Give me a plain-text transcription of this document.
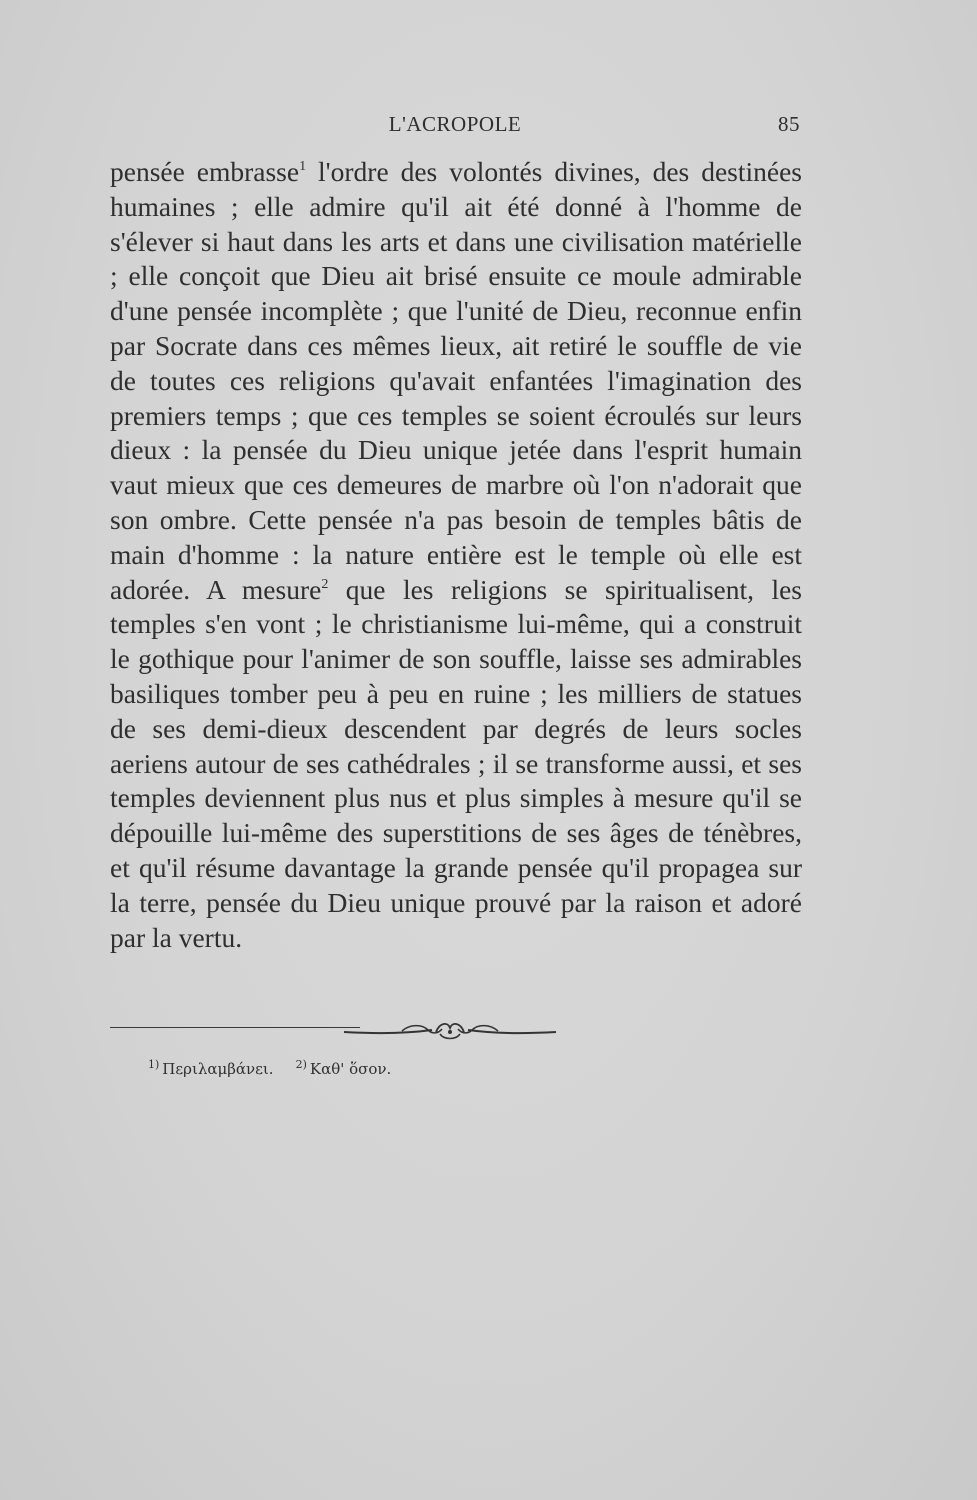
L'ACROPOLE	85

pensée embrasse$^1$ l'ordre des volontés divines, des destinées humaines ; elle admire qu'il ait été donné à l'homme de s'élever si haut dans les arts et dans une civilisation matérielle ; elle conçoit que Dieu ait brisé ensuite ce moule admirable d'une pensée incomplète ; que l'unité de Dieu, reconnue enfin par Socrate dans ces mêmes lieux, ait retiré le souffle de vie de toutes ces religions qu'avait enfantées l'imagination des premiers temps ; que ces temples se soient écroulés sur leurs dieux : la pensée du Dieu unique jetée dans l'esprit humain vaut mieux que ces demeures de marbre où l'on n'adorait que son ombre. Cette pensée n'a pas besoin de temples bâtis de main d'homme : la nature entière est le temple où elle est adorée. A mesure$^2$ que les religions se spiritualisent, les temples s'en vont ; le christianisme lui-même, qui a construit le gothique pour l'animer de son souffle, laisse ses admirables basiliques tomber peu à peu en ruine ; les milliers de statues de ses demi-dieux descendent par degrés de leurs socles aeriens autour de ses cathédrales ; il se transforme aussi, et ses temples deviennent plus nus et plus simples à mesure qu'il se dépouille lui-même des superstitions de ses âges de ténèbres, et qu'il résume davantage la grande pensée qu'il propagea sur la terre, pensée du Dieu unique prouvé par la raison et adoré par la vertu.

$^{1)}$ Περιλαμβάνει. $^{2)}$ Καθ' ὅσον.
